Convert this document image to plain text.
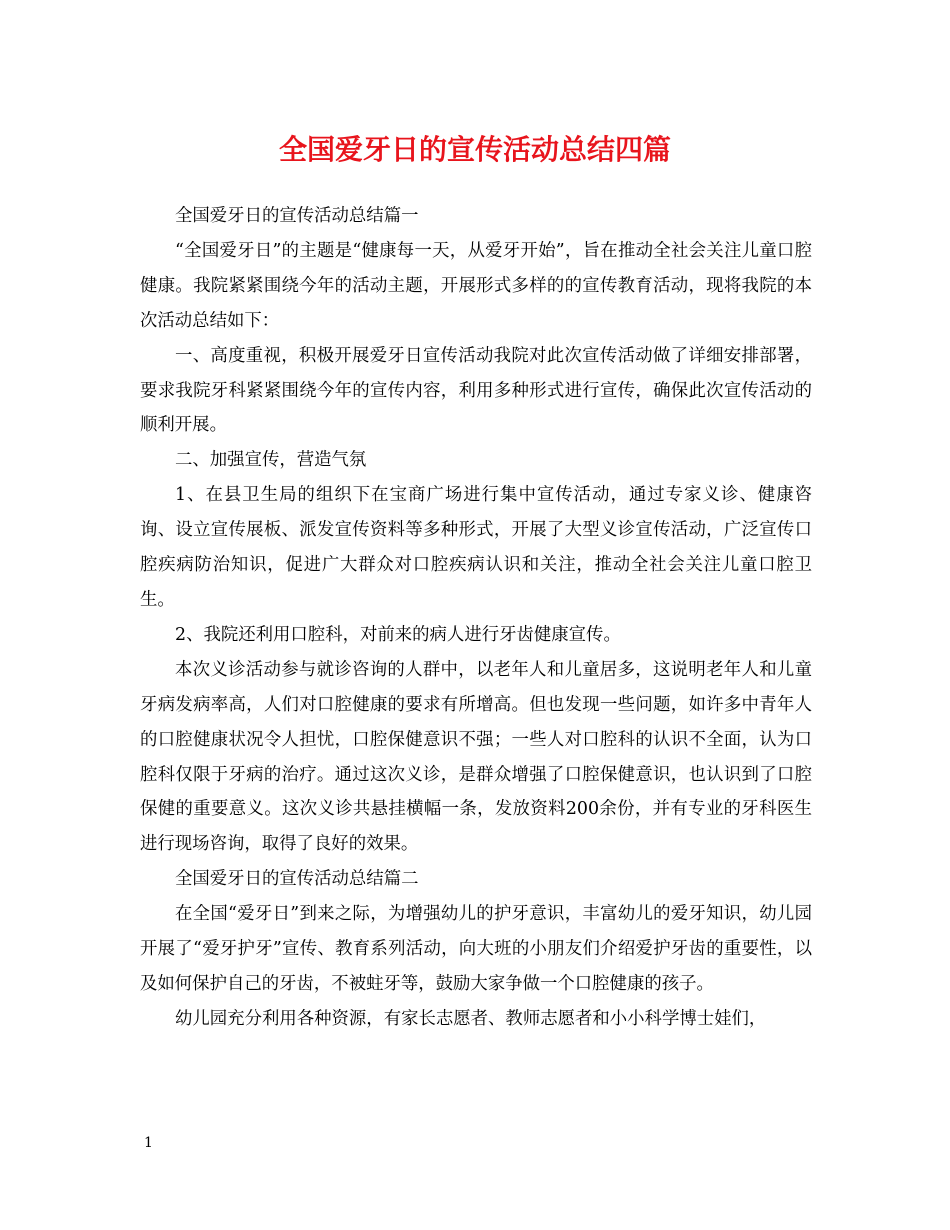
全国爱牙日的宣传活动总结四篇

全国爱牙日的宣传活动总结篇一

“全国爱牙日”的主题是“健康每一天，从爱牙开始”，旨在推动全社会关注儿童口腔健康。我院紧紧围绕今年的活动主题，开展形式多样的的宣传教育活动，现将我院的本次活动总结如下：

一、高度重视，积极开展爱牙日宣传活动我院对此次宣传活动做了详细安排部署，要求我院牙科紧紧围绕今年的宣传内容，利用多种形式进行宣传，确保此次宣传活动的顺利开展。

二、加强宣传，营造气氛

1、在县卫生局的组织下在宝商广场进行集中宣传活动，通过专家义诊、健康咨询、设立宣传展板、派发宣传资料等多种形式，开展了大型义诊宣传活动，广泛宣传口腔疾病防治知识，促进广大群众对口腔疾病认识和关注，推动全社会关注儿童口腔卫生。

2、我院还利用口腔科，对前来的病人进行牙齿健康宣传。

本次义诊活动参与就诊咨询的人群中，以老年人和儿童居多，这说明老年人和儿童牙病发病率高，人们对口腔健康的要求有所增高。但也发现一些问题，如许多中青年人的口腔健康状况令人担忧，口腔保健意识不强；一些人对口腔科的认识不全面，认为口腔科仅限于牙病的治疗。通过这次义诊，是群众增强了口腔保健意识，也认识到了口腔保健的重要意义。这次义诊共悬挂横幅一条，发放资料200余份，并有专业的牙科医生进行现场咨询，取得了良好的效果。

全国爱牙日的宣传活动总结篇二

在全国“爱牙日”到来之际，为增强幼儿的护牙意识，丰富幼儿的爱牙知识，幼儿园开展了“爱牙护牙”宣传、教育系列活动，向大班的小朋友们介绍爱护牙齿的重要性，以及如何保护自己的牙齿，不被蛀牙等，鼓励大家争做一个口腔健康的孩子。

幼儿园充分利用各种资源，有家长志愿者、教师志愿者和小小科学博士娃们，

1
